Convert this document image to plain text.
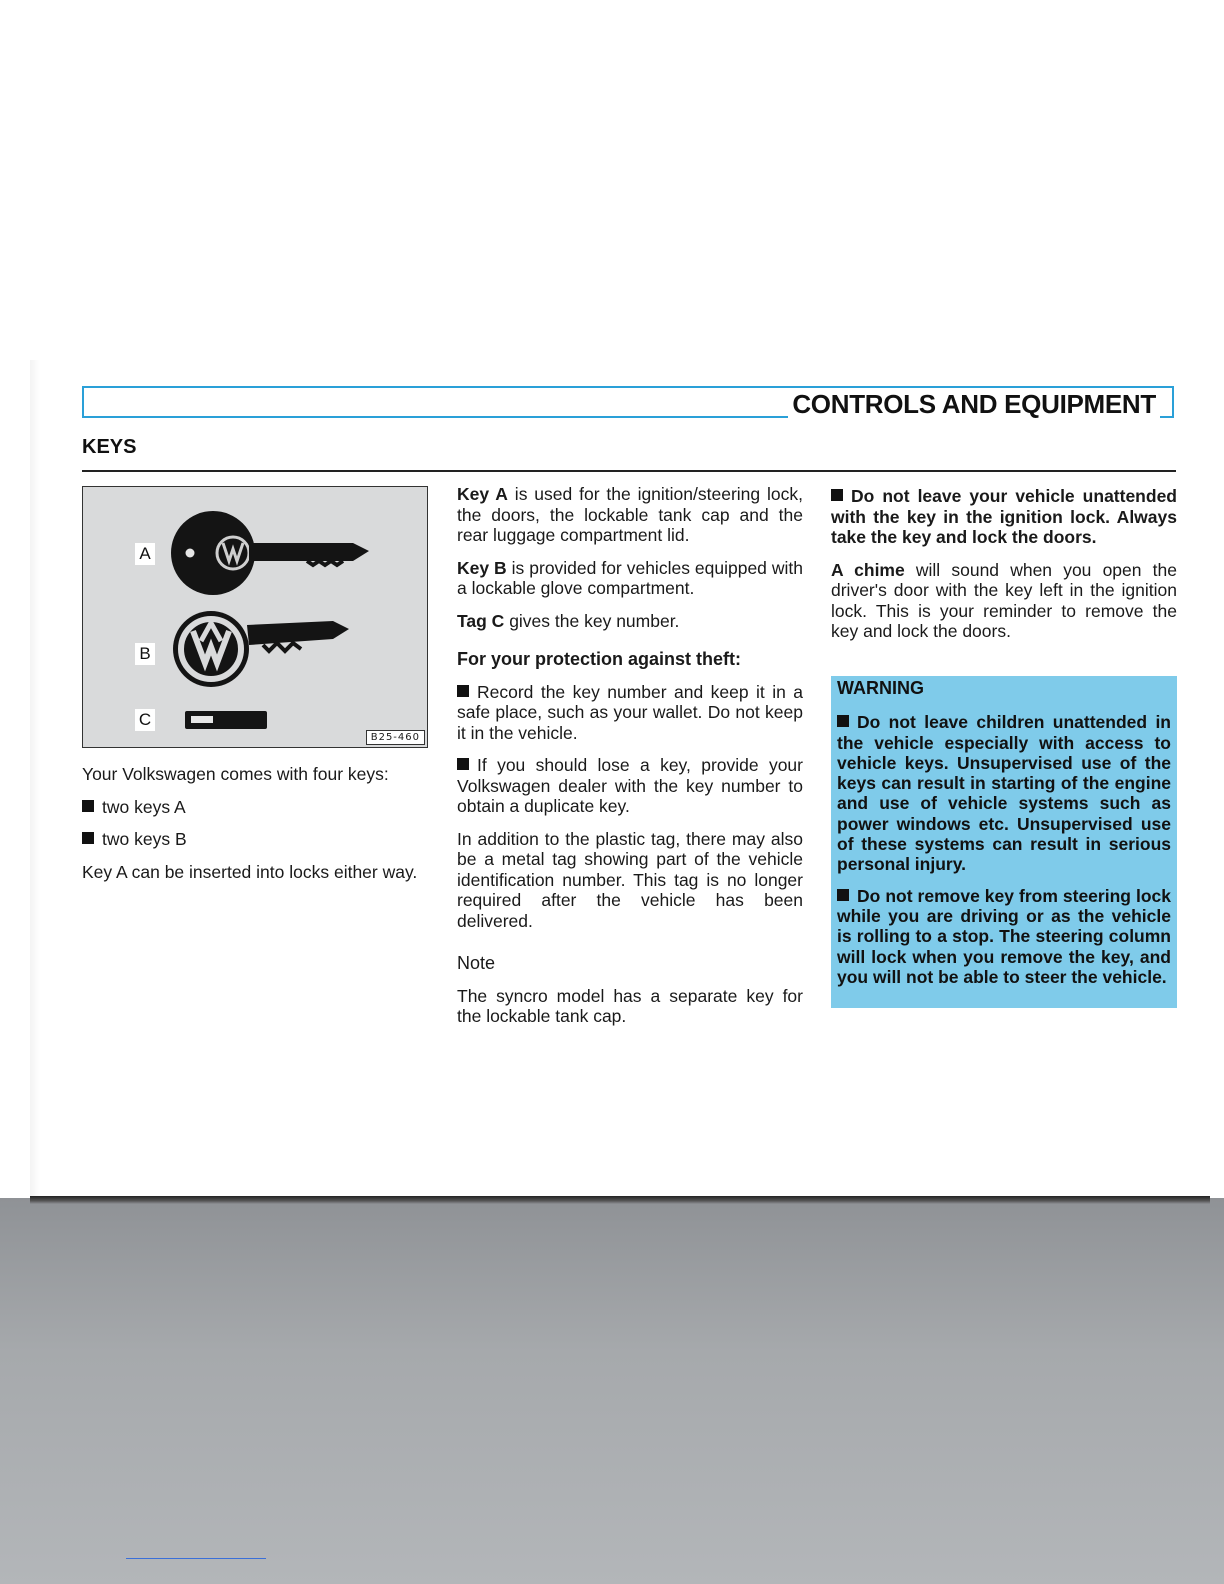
CONTROLS AND EQUIPMENT
KEYS
A
B
C
B25-460

Your Volkswagen comes with four keys:

two keys A

two keys B

Key A can be inserted into locks either way.

Key A is used for the ignition/steering lock, the doors, the lockable tank cap and the rear luggage compartment lid.

Key B is provided for vehicles equipped with a lockable glove compartment.

Tag C gives the key number.

For your protection against theft:

Record the key number and keep it in a safe place, such as your wallet. Do not keep it in the vehicle.

If you should lose a key, provide your Volkswagen dealer with the key number to obtain a duplicate key.

In addition to the plastic tag, there may also be a metal tag showing part of the vehicle identification number. This tag is no longer required after the vehicle has been delivered.

Note

The syncro model has a separate key for the lockable tank cap.

Do not leave your vehicle unattended with the key in the ignition lock. Always take the key and lock the doors.

A chime will sound when you open the driver's door with the key left in the ignition lock. This is your reminder to remove the key and lock the doors.

WARNING

Do not leave children unattended in the vehicle especially with access to vehicle keys. Unsupervised use of the keys can result in starting of the engine and use of vehicle systems such as power windows etc. Unsupervised use of these systems can result in serious personal injury.

Do not remove key from steering lock while you are driving or as the vehicle is rolling to a stop. The steering column will lock when you remove the key, and you will not be able to steer the vehicle.
